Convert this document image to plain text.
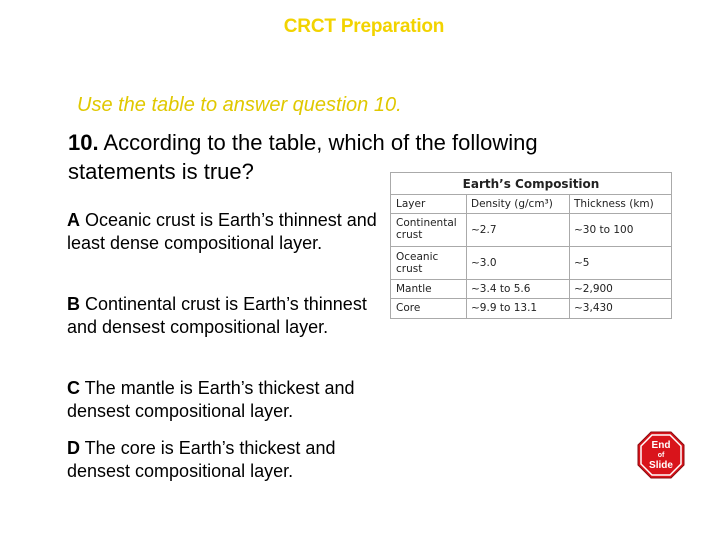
CRCT Preparation
Use the table to answer question 10.
10. According to the table, which of the following statements is true?
A Oceanic crust is Earth’s thinnest and least dense compositional layer.
B Continental crust is Earth’s thinnest and densest compositional layer.
C The mantle is Earth’s thickest and densest compositional layer.
D The core is Earth’s thickest and densest compositional layer.
Earth’s Composition
Layer	Density (g/cm³)	Thickness (km)
Continental crust	~2.7	~30 to 100
Oceanic crust	~3.0	~5
Mantle	~3.4 to 5.6	~2,900
Core	~9.9 to 13.1	~3,430
End
of
Slide
